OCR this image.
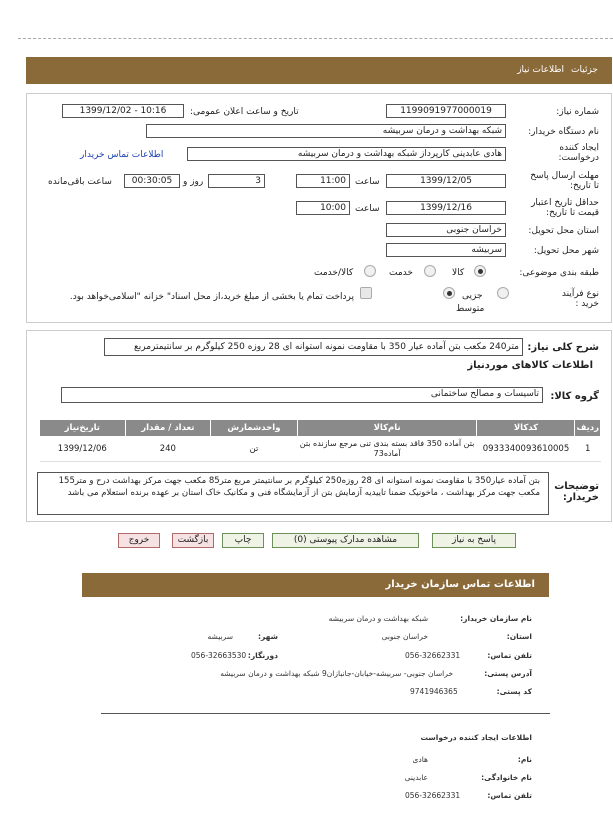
جزئیات
اطلاعات نیاز
شماره نیاز:
1199091977000019
تاریخ و ساعت اعلان عمومی:
1399/12/02 - 10:16
نام دستگاه خریدار:
شبکه بهداشت و درمان سربیشه
ایجاد کننده درخواست:
هادی عابدینی کارپرداز شبکه بهداشت و درمان سربیشه
اطلاعات تماس خریدار
مهلت ارسال پاسخ تا تاریخ:
1399/12/05
ساعت
11:00
3
روز و
00:30:05
ساعت باقی‌مانده
حداقل تاریخ اعتبار قیمت تا تاریخ:
1399/12/16
ساعت
10:00
استان محل تحویل:
خراسان جنوبی
شهر محل تحویل:
سربیشه
طبقه بندی موضوعی:
کالا
خدمت
کالا/خدمت
نوع فرآیند خرید :
جزیی
متوسط
پرداخت تمام یا بخشی از مبلغ خرید،از محل اسناد" خزانه "اسلامی‌خواهد بود.
شرح کلی نیاز:
متر240 مکعب بتن آماده عیار 350 با مقاومت نمونه استوانه ای 28 روزه 250 کیلوگرم بر سانتیمترمربع
اطلاعات کالاهای موردنیاز
گروه کالا:
تاسیسات و مصالح ساختمانی
ردیف	کدکالا	نام‌کالا	واحدشمارش	تعداد / مقدار	تاریخ‌نیاز
1	0933340093610005	بتن آماده 350 فاقد بسته بندی تنی مرجع سازنده بتن آماده73	تن	240	1399/12/06
توضیحات خریدار:
بتن آماده عیار350 با مقاومت نمونه استوانه ای 28 روزه250 کیلوگرم بر سانتیمتر مربع متر85 مکعب جهت مرکز بهداشت درح و متر155 مکعب جهت مرکز بهداشت ، ماخونیک ضمنا تاییدیه آزمایش بتن از آزمایشگاه فنی و مکانیک خاک استان بر عهده برنده استعلام می باشد
پاسخ به نیاز
مشاهده مدارک پیوستی (0)
چاپ
بازگشت
خروج
اطلاعات تماس سازمان خریدار
نام سازمان خریدار:
شبکه بهداشت و درمان سربیشه
استان:
خراسان جنوبی
شهر:
سربیشه
تلفن تماس:
056-32662331
دورنگار:
056-32663530
آدرس پستی:
خراسان جنوبی- سربیشه-خیابان-جانباز‌ان9 شبکه بهداشت و درمان سربیشه
کد پستی:
9741946365
اطلاعات ایجاد کننده درخواست
نام:
هادی
نام خانوادگی:
عابدینی
تلفن تماس:
056-32662331
